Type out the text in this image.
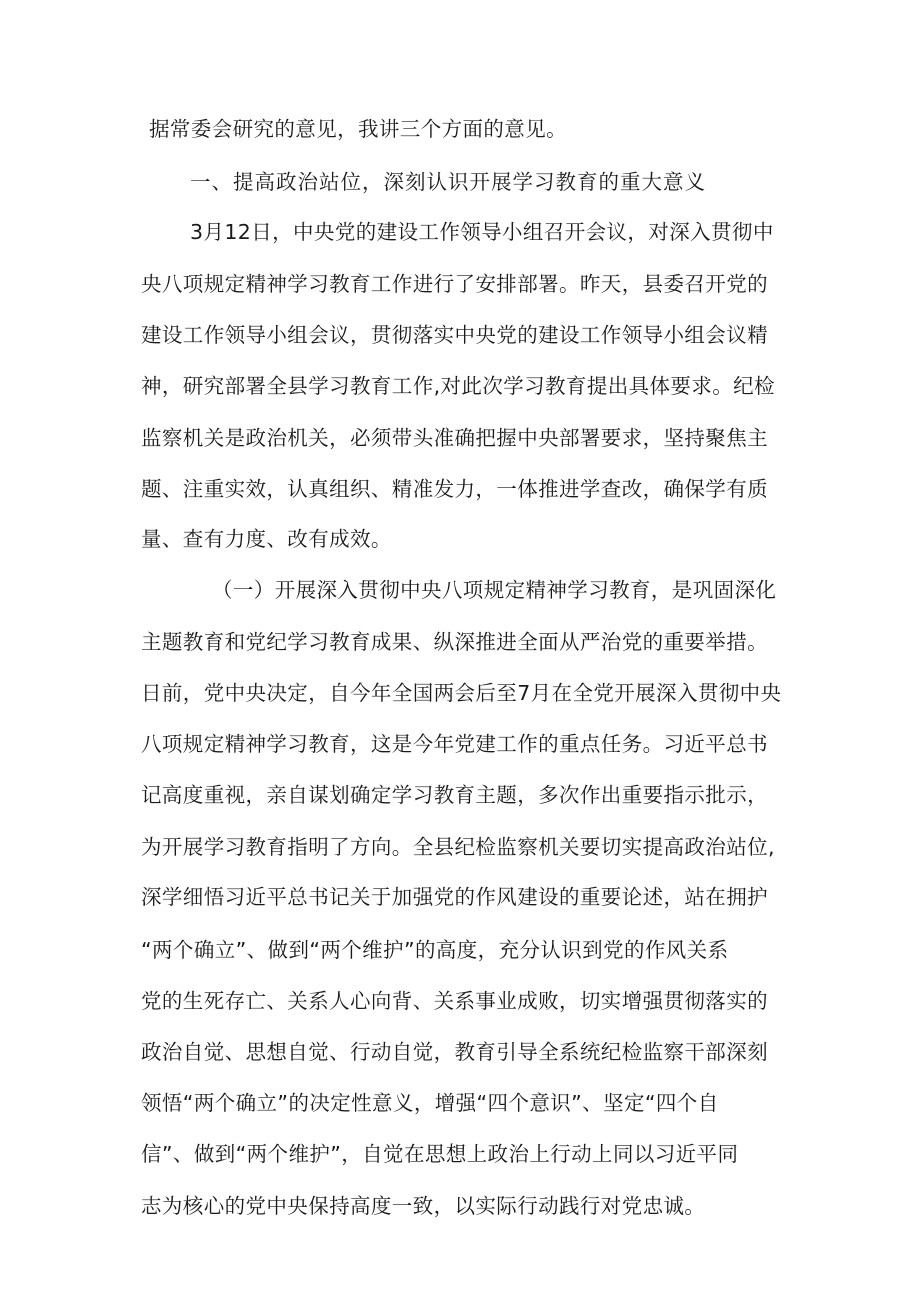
据常委会研究的意见，我讲三个方面的意见。
一、提高政治站位，深刻认识开展学习教育的重大意义
3月12日，中央党的建设工作领导小组召开会议，对深入贯彻中
央八项规定精神学习教育工作进行了安排部署。昨天，县委召开党的
建设工作领导小组会议，贯彻落实中央党的建设工作领导小组会议精
神，研究部署全县学习教育工作,对此次学习教育提出具体要求。纪检
监察机关是政治机关，必须带头准确把握中央部署要求，坚持聚焦主
题、注重实效，认真组织、精准发力，一体推进学查改，确保学有质
量、查有力度、改有成效。
（一）开展深入贯彻中央八项规定精神学习教育，是巩固深化
主题教育和党纪学习教育成果、纵深推进全面从严治党的重要举措。
日前，党中央决定，自今年全国两会后至7月在全党开展深入贯彻中央
八项规定精神学习教育，这是今年党建工作的重点任务。习近平总书
记高度重视，亲自谋划确定学习教育主题，多次作出重要指示批示，
为开展学习教育指明了方向。全县纪检监察机关要切实提高政治站位,
深学细悟习近平总书记关于加强党的作风建设的重要论述，站在拥护
“两个确立”、做到“两个维护”的高度，充分认识到党的作风关系
党的生死存亡、关系人心向背、关系事业成败，切实增强贯彻落实的
政治自觉、思想自觉、行动自觉，教育引导全系统纪检监察干部深刻
领悟“两个确立”的决定性意义，增强“四个意识”、坚定“四个自
信”、做到“两个维护”，自觉在思想上政治上行动上同以习近平同
志为核心的党中央保持高度一致，以实际行动践行对党忠诚。
